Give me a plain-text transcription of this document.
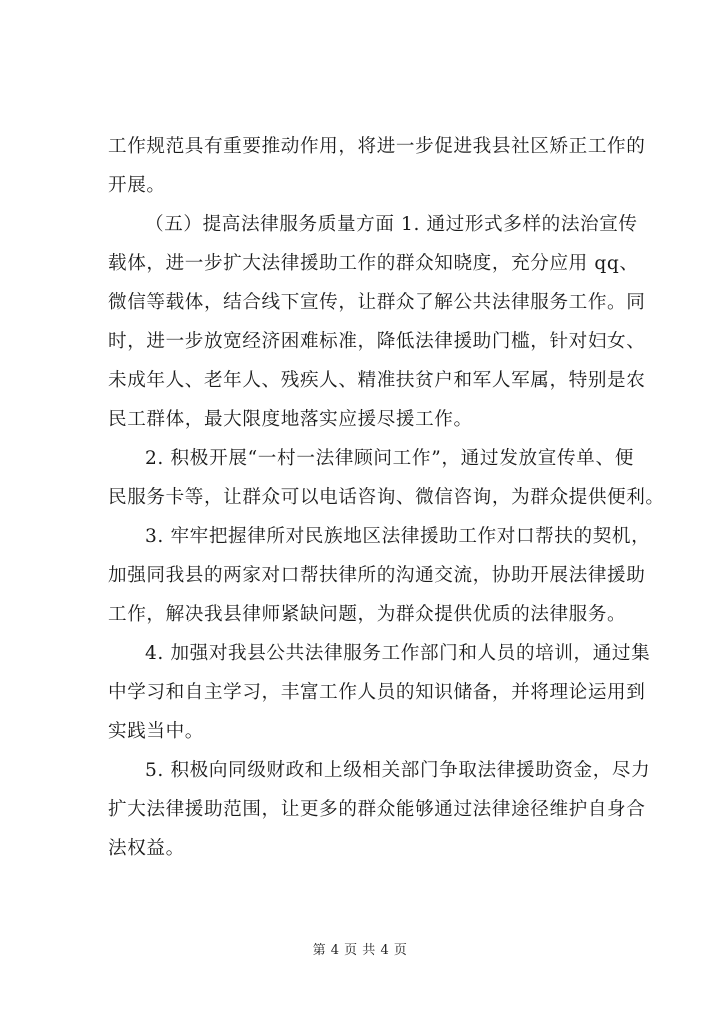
工作规范具有重要推动作用，将进一步促进我县社区矫正工作的
开展。

（五）提高法律服务质量方面 1. 通过形式多样的法治宣传
载体，进一步扩大法律援助工作的群众知晓度，充分应用 qq、
微信等载体，结合线下宣传，让群众了解公共法律服务工作。同
时，进一步放宽经济困难标准，降低法律援助门槛，针对妇女、
未成年人、老年人、残疾人、精准扶贫户和军人军属，特别是农
民工群体，最大限度地落实应援尽援工作。

2. 积极开展“一村一法律顾问工作”，通过发放宣传单、便
民服务卡等，让群众可以电话咨询、微信咨询，为群众提供便利。

3. 牢牢把握律所对民族地区法律援助工作对口帮扶的契机，
加强同我县的两家对口帮扶律所的沟通交流，协助开展法律援助
工作，解决我县律师紧缺问题，为群众提供优质的法律服务。

4. 加强对我县公共法律服务工作部门和人员的培训，通过集
中学习和自主学习，丰富工作人员的知识储备，并将理论运用到
实践当中。

5. 积极向同级财政和上级相关部门争取法律援助资金，尽力
扩大法律援助范围，让更多的群众能够通过法律途径维护自身合
法权益。

第 4 页 共 4 页
